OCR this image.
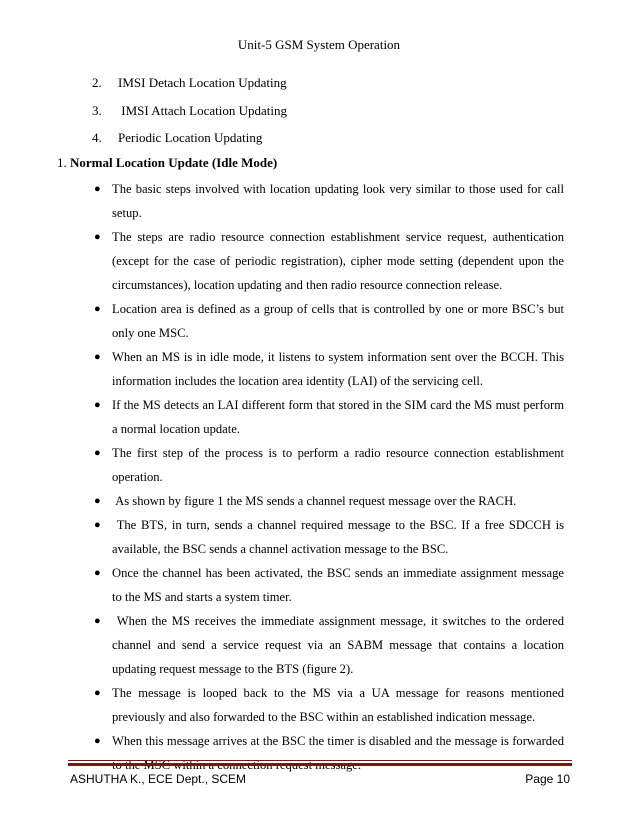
Unit-5 GSM System Operation
2. IMSI Detach Location Updating
3. IMSI Attach Location Updating
4. Periodic Location Updating
1. Normal Location Update (Idle Mode)
● The basic steps involved with location updating look very similar to those used for call setup.
● The steps are radio resource connection establishment service request, authentication (except for the case of periodic registration), cipher mode setting (dependent upon the circumstances), location updating and then radio resource connection release.
● Location area is defined as a group of cells that is controlled by one or more BSC’s but only one MSC.
● When an MS is in idle mode, it listens to system information sent over the BCCH. This information includes the location area identity (LAI) of the servicing cell.
● If the MS detects an LAI different form that stored in the SIM card the MS must perform a normal location update.
● The first step of the process is to perform a radio resource connection establishment operation.
● As shown by figure 1 the MS sends a channel request message over the RACH.
● The BTS, in turn, sends a channel required message to the BSC. If a free SDCCH is available, the BSC sends a channel activation message to the BSC.
● Once the channel has been activated, the BSC sends an immediate assignment message to the MS and starts a system timer.
● When the MS receives the immediate assignment message, it switches to the ordered channel and send a service request via an SABM message that contains a location updating request message to the BTS (figure 2).
● The message is looped back to the MS via a UA message for reasons mentioned previously and also forwarded to the BSC within an established indication message.
● When this message arrives at the BSC the timer is disabled and the message is forwarded to the MSC within a connection request message.
ASHUTHA K., ECE Dept., SCEM	Page 10
